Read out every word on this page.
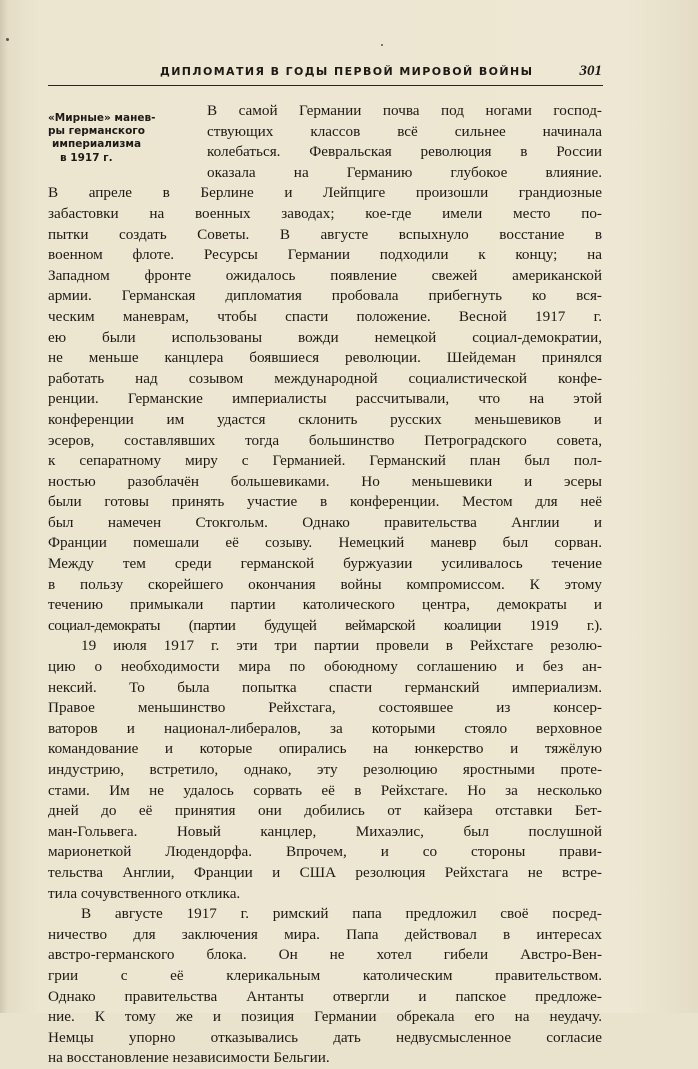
ДИПЛОМАТИЯ В ГОДЫ ПЕРВОЙ МИРОВОЙ ВОЙНЫ	301
«Мирные» манев-
ры германского
империализма
в 1917 г.
В самой Германии почва под ногами господ-
ствующих классов всё сильнее начинала
колебаться. Февральская революция в России
оказала на Германию глубокое влияние.
В апреле в Берлине и Лейпциге произошли грандиозные
забастовки на военных заводах; кое-где имели место по-
пытки создать Советы. В августе вспыхнуло восстание в
военном флоте. Ресурсы Германии подходили к концу; на
Западном фронте ожидалось появление свежей американской
армии. Германская дипломатия пробовала прибегнуть ко вся-
ческим маневрам, чтобы спасти положение. Весной 1917 г.
ею были использованы вожди немецкой социал-демократии,
не меньше канцлера боявшиеся революции. Шейдеман принялся
работать над созывом международной социалистической конфе-
ренции. Германские империалисты рассчитывали, что на этой
конференции им удастся склонить русских меньшевиков и
эсеров, составлявших тогда большинство Петроградского совета,
к сепаратному миру с Германией. Германский план был пол-
ностью разоблачён большевиками. Но меньшевики и эсеры
были готовы принять участие в конференции. Местом для неё
был намечен Стокгольм. Однако правительства Англии и
Франции помешали её созыву. Немецкий маневр был сорван.
Между тем среди германской буржуазии усиливалось течение
в пользу скорейшего окончания войны компромиссом. К этому
течению примыкали партии католического центра, демократы и
социал-демократы (партии будущей веймарской коалиции 1919 г.).
19 июля 1917 г. эти три партии провели в Рейхстаге резолю-
цию о необходимости мира по обоюдному соглашению и без ан-
нексий. То была попытка спасти германский империализм.
Правое меньшинство Рейхстага, состоявшее из консер-
ваторов и национал-либералов, за которыми стояло верховное
командование и которые опирались на юнкерство и тяжёлую
индустрию, встретило, однако, эту резолюцию яростными проте-
стами. Им не удалось сорвать её в Рейхстаге. Но за несколько
дней до её принятия они добились от кайзера отставки Бет-
ман-Гольвега. Новый канцлер, Михаэлис, был послушной
марионеткой Людендорфа. Впрочем, и со стороны прави-
тельства Англии, Франции и США резолюция Рейхстага не встре-
тила сочувственного отклика.
В августе 1917 г. римский папа предложил своё посред-
ничество для заключения мира. Папа действовал в интересах
австро-германского блока. Он не хотел гибели Австро-Вен-
грии с её клерикальным католическим правительством.
Однако правительства Антанты отвергли и папское предложе-
ние. К тому же и позиция Германии обрекала его на неудачу.
Немцы упорно отказывались дать недвусмысленное согласие
на восстановление независимости Бельгии.
